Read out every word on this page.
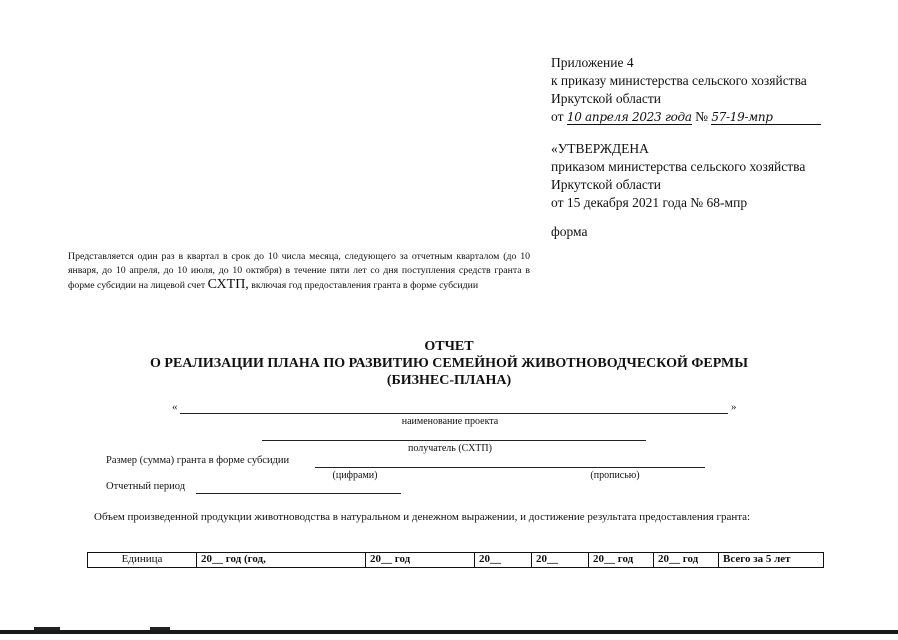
Приложение 4
к приказу министерства сельского хозяйства
Иркутской области
от 10 апреля 2023 года № 57-19-мпр
«УТВЕРЖДЕНА
приказом министерства сельского хозяйства
Иркутской области
от 15 декабря 2021 года № 68-мпр
форма
Представляется один раз в квартал в срок до 10 числа месяца, следующего за отчетным кварталом (до 10 января, до 10 апреля, до 10 июля, до 10 октября) в течение пяти лет со дня поступления средств гранта в форме субсидии на лицевой счет СХТП, включая год предоставления гранта в форме субсидии
ОТЧЕТ
О РЕАЛИЗАЦИИ ПЛАНА ПО РАЗВИТИЮ СЕМЕЙНОЙ ЖИВОТНОВОДЧЕСКОЙ ФЕРМЫ
(БИЗНЕС-ПЛАНА)
«	»
наименование проекта
получатель (СХТП)
Размер (сумма) гранта в форме субсидии
(цифрами)	(прописью)
Отчетный период
Объем произведенной продукции животноводства в натуральном и денежном выражении, и достижение результата предоставления гранта:
Единица	20__ год (год,	20__ год	20__	20__	20__ год	20__ год	Всего за 5 лет
